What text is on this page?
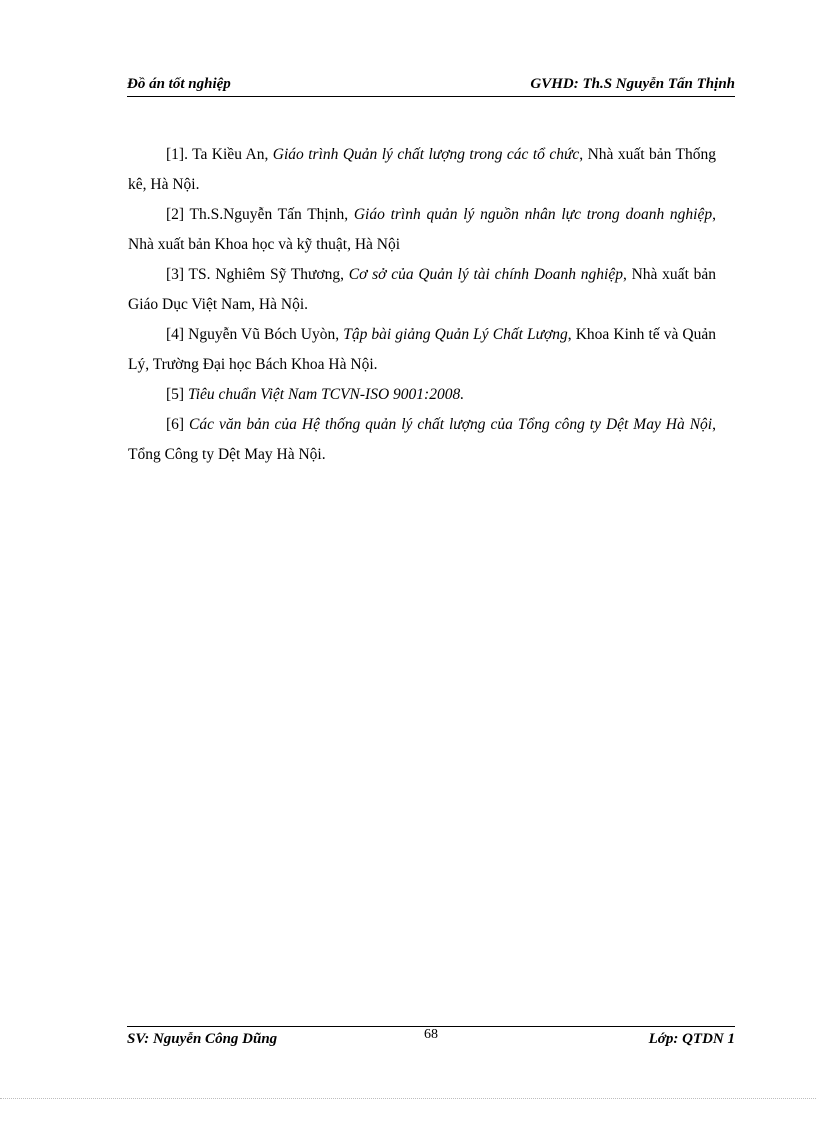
Đồ án tốt nghiệp	GVHD: Th.S Nguyễn Tấn Thịnh

[1]. Ta Kiều An, Giáo trình Quản lý chất lượng trong các tổ chức, Nhà xuất bản Thống kê, Hà Nội.

[2] Th.S.Nguyễn Tấn Thịnh, Giáo trình quản lý nguồn nhân lực trong doanh nghiệp, Nhà xuất bản Khoa học và kỹ thuật, Hà Nội

[3] TS. Nghiêm Sỹ Thương, Cơ sở của Quản lý tài chính Doanh nghiệp, Nhà xuất bản Giáo Dục Việt Nam, Hà Nội.

[4] Nguyễn Vũ Bóch Uyòn, Tập bài giảng Quản Lý Chất Lượng, Khoa Kinh tế và Quản Lý, Trường Đại học Bách Khoa Hà Nội.

[5] Tiêu chuẩn Việt Nam TCVN-ISO 9001:2008.

[6] Các văn bản của Hệ thống quản lý chất lượng của Tổng công ty Dệt May Hà Nội, Tổng Công ty Dệt May Hà Nội.

SV: Nguyễn Công Dũng	68	Lớp: QTDN 1
